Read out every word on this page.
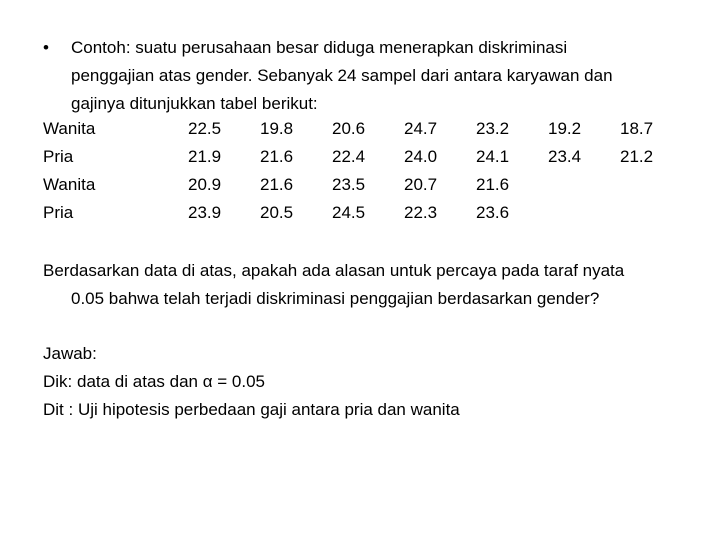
• Contoh: suatu perusahaan besar diduga menerapkan diskriminasi
penggajian atas gender. Sebanyak 24 sampel dari antara karyawan dan
gajinya ditunjukkan tabel berikut:
Wanita	22.5	19.8	20.6	24.7	23.2	19.2	18.7
Pria	21.9	21.6	22.4	24.0	24.1	23.4	21.2
Wanita	20.9	21.6	23.5	20.7	21.6		
Pria	23.9	20.5	24.5	22.3	23.6		
Berdasarkan data di atas, apakah ada alasan untuk percaya pada taraf nyata
0.05 bahwa telah terjadi diskriminasi penggajian berdasarkan gender?
Jawab:
Dik: data di atas dan α = 0.05
Dit : Uji hipotesis perbedaan gaji antara pria dan wanita
